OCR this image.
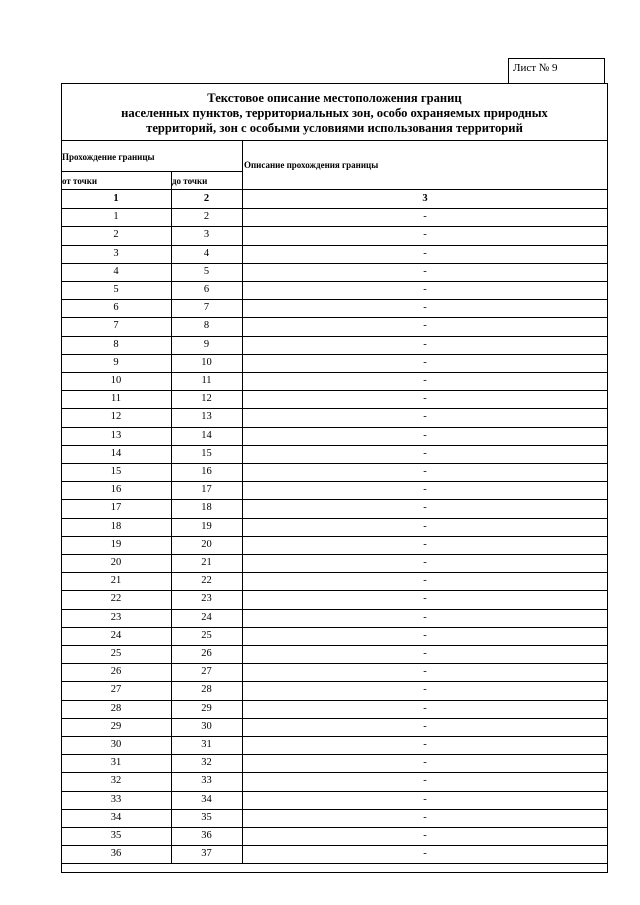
Лист № 9
Текстовое описание местоположения границ
населенных пунктов, территориальных зон, особо охраняемых природных
территорий, зон с особыми условиями использования территорий
Прохождение границы
от точки	до точки
Описание прохождения границы
1	2	3
1	2	-
2	3	-
3	4	-
4	5	-
5	6	-
6	7	-
7	8	-
8	9	-
9	10	-
10	11	-
11	12	-
12	13	-
13	14	-
14	15	-
15	16	-
16	17	-
17	18	-
18	19	-
19	20	-
20	21	-
21	22	-
22	23	-
23	24	-
24	25	-
25	26	-
26	27	-
27	28	-
28	29	-
29	30	-
30	31	-
31	32	-
32	33	-
33	34	-
34	35	-
35	36	-
36	37	-
